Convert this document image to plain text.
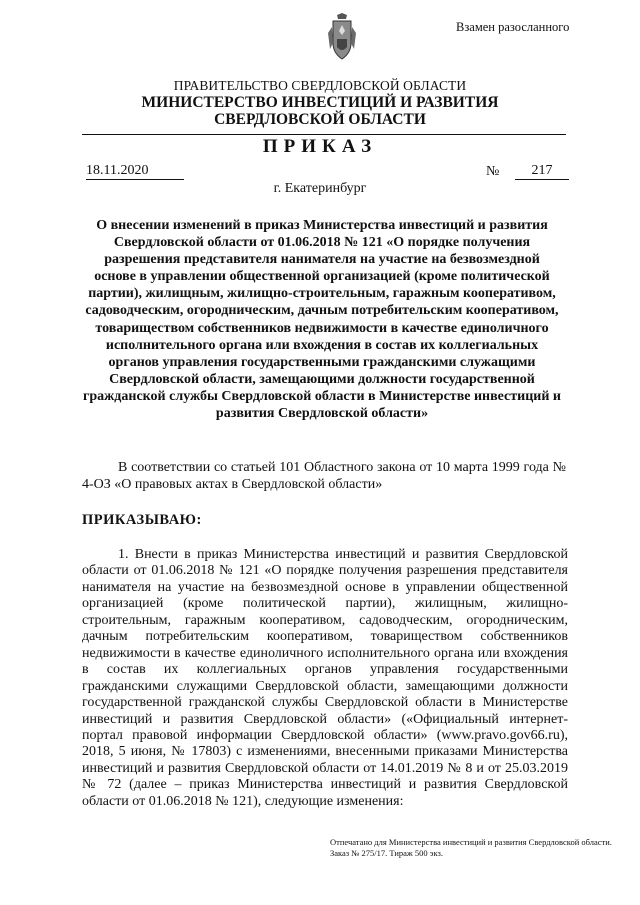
Взамен разосланного
ПРАВИТЕЛЬСТВО СВЕРДЛОВСКОЙ ОБЛАСТИ
МИНИСТЕРСТВО ИНВЕСТИЦИЙ И РАЗВИТИЯ
СВЕРДЛОВСКОЙ ОБЛАСТИ
ПРИКАЗ
18.11.2020	№	217
г. Екатеринбург
О внесении изменений в приказ Министерства инвестиций и развития Свердловской области от 01.06.2018 № 121 «О порядке получения разрешения представителя нанимателя на участие на безвозмездной основе в управлении общественной организацией (кроме политической партии), жилищным, жилищно-строительным, гаражным кооперативом, садоводческим, огородническим, дачным потребительским кооперативом, товариществом собственников недвижимости в качестве единоличного исполнительного органа или вхождения в состав их коллегиальных органов управления государственными гражданскими служащими Свердловской области, замещающими должности государственной гражданской службы Свердловской области в Министерстве инвестиций и развития Свердловской области»
В соответствии со статьей 101 Областного закона от 10 марта 1999 года № 4-ОЗ «О правовых актах в Свердловской области»
ПРИКАЗЫВАЮ:
1. Внести в приказ Министерства инвестиций и развития Свердловской области от 01.06.2018 № 121 «О порядке получения разрешения представителя нанимателя на участие на безвозмездной основе в управлении общественной организацией (кроме политической партии), жилищным, жилищно-строительным, гаражным кооперативом, садоводческим, огородническим, дачным потребительским кооперативом, товариществом собственников недвижимости в качестве единоличного исполнительного органа или вхождения в состав их коллегиальных органов управления государственными гражданскими служащими Свердловской области, замещающими должности государственной гражданской службы Свердловской области в Министерстве инвестиций и развития Свердловской области» («Официальный интернет-портал правовой информации Свердловской области» (www.pravo.gov66.ru), 2018, 5 июня, № 17803) с изменениями, внесенными приказами Министерства инвестиций и развития Свердловской области от 14.01.2019 № 8 и от 25.03.2019 № 72 (далее – приказ Министерства инвестиций и развития Свердловской области от 01.06.2018 № 121), следующие изменения:
Отпечатано для Министерства инвестиций и развития Свердловской области.
Заказ № 275/17. Тираж 500 экз.
